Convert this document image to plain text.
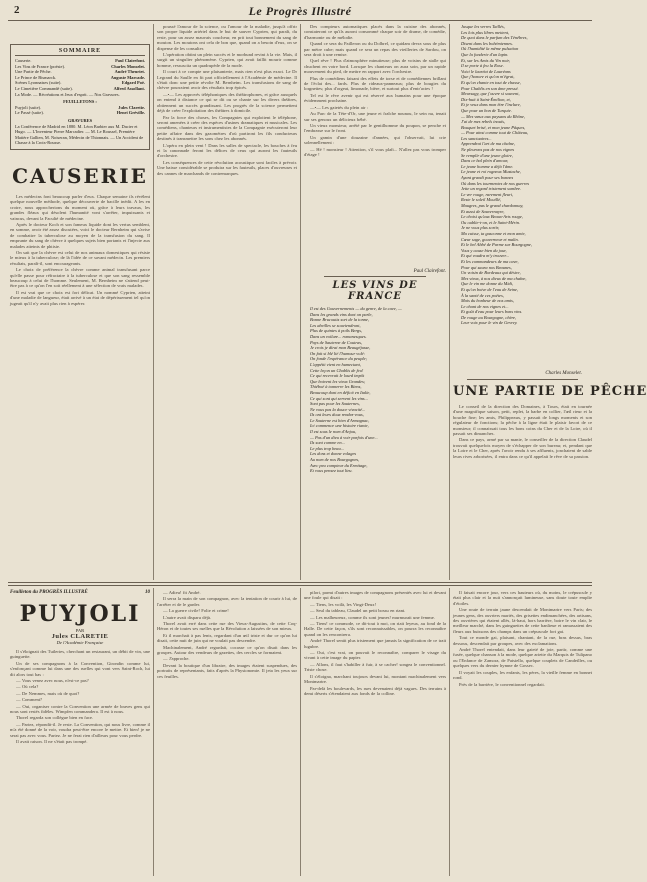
2	Le Progrès Illustré
SOMMAIRE
Causerie.	Paul Clairefont.
Les Vins de France (poésie).	Charles Monselet.
Une Partie de Pêche.	André Theuriet.
Le Prince de Bismarck.	Auguste Marcade.
Scènes Lyonnaises (suite).	Edgard Poë.
Le Cimetière Commandé (suite).	Alfred Assollant.
La Mode. — Récréations et Jeux d'esprit. — Nos Gravures.
FEUILLETONS :
Puyjoli (suite).	Jules Claretie.
Le Passé (suite).	Henri Gréville.
GRAVURES
La Conférence de Madrid en 1880. M. Léon Barbier aux M. Dacier et Hugo. — L'Inventeur Pierre Marcadier. — M. Le Roussel, Première Matière Gallien, M. Noiseran, Médecin de Thionnais. — Un Accident de Chasse à la Croix-Rousse.
CAUSERIE

Les médecins font beaucoup parler d'eux. Chaque semaine ils révèlent quelque nouvelle méthode, quelque découverte de bacille inédit. A les en croire, nous approcherions du moment où, grâce à leurs travaux, les grandes fléaux qui désolent l'humanité vont s'arrêter, impuissants et vaincus, devant la Faculté de médecine.

Après le docteur Koch et son fameux liquide dont les vertus semblent, en somme, avoir été assez discutées, voici le docteur Bernheim qui s'avise de combattre la tuberculose au moyen de la transfusion du sang. Il emprunte du sang de chèvre à quelques sujets bien portants et l'injecte aux malades atteints de phtisie.

On sait que la chèvre est celui de nos animaux domestiques qui résiste le mieux à la tuberculose; de là l'idée de ce savant médecin. Les premiers résultats, paraît-il, sont encourageants.

Le choix de préférence la chèvre comme animal transfusant parce qu'elle passe pour réfractaire à la tuberculose et que son sang ressemble beaucoup à celui de l'homme. Seulement, M. Bernheim ne s'attend peut-être pas à ce qu'on l'en soit réellement à une sélection de vrais malades.

Il est vrai que ce choix est fort délicat. Un nommé Cyprien, atteint d'une maladie de langueur, était arrivé à un état de dépérissement tel qu'on jugeait qu'il n'y avait plus rien à espérer.

poussé l'amour de la science, ou l'amour de la maladie, jusqu'à offrir son propre liquide artériel dans le but de sauver Cyprien, qui paraît, du reste, pour un assez mauvais coucheur, en prit tout bonnement du sang de mouton. Les moutons ont cela de bon que, quand on a besoin d'eux, on se dispense de les consulter.

L'opération obtint un plein succès et le morbund revint à la vie. Mais, il surgit un singulier phénomène. Cyprien, qui avait faillit mourir comme homme, ressuscita un quadrupède de la mode.

Il court à ce compte une plaisanterie, mais rien n'est plus exact. Le Dr Legrand du Saulle en fit part officiellement à l'Académie de médecine. Il s'était donc une petite révolte M. Bernheim. Les transfusions de sang de chèvre pourraient avoir des résultats trop épicés.

—•— Les approvés téléphoniques des théâtrophones, et grâce auxquels on entend à distance ce qui se dit ou se chante sur les divers théâtres, obtiennent un succès grandissant. Les progrès de la science permettent déjà de créer l'exploitation des théâtres à domicile.

Par la force des choses, les Compagnies qui exploitent le téléphone, seront amenées à créer des espèces d'usines dramatiques et musicales. Les comédiens, chanteurs et instrumentistes de la Compagnie exécuteront leur petite affaire dans des gazomètres d'où partiront les fils conducteurs destinés à transmettre les sons chez les abonnés.

L'opéra en plein vent ! Dans les salles de spectacle, les bouches à feu et la canonnade feront les délices de ceux qui auront les fauteuils d'orchestre.

Les conséquences de cette révolution acoustique sont faciles à prévoir. Une baisse considérable se produira sur les fauteuils, places d'ouvreuses et des cannes de marchands de contremarques.

Des compteurs automatiques placés dans la cuisine des abonnés, constateront ce qu'ils auront consommé chaque soir de drame, de comédie, d'harmonie ou de mélodie.

Quand ce sera du Pailleron ou du Dolbrel, ce quidam devra sous de plus par mètre cube; mais quand ce sera un repas des vieilleries de Sardou, on sera droit à une remise.

Quel rêve ! Plus d'atmosphère minutieuse; plus de voisins de stalle qui chuchent en votre bord. Lorsque les chanteurs on aura soin, par un rapide mouvement du pied, de mettre en rapport avec l'orchestre.

Plus de comédiens faisant des effets de torse et de comédiennes brillant de l'éclat des... fards. Plus de rideaux-panneaux; plus de bougies du lorgnettes; plus d'orgeat, limonade, bière, et surtout plus d'entr'actes !

Tel est le rêve avenir qui est réservé aux humains pour une époque évidemment prochaine.

—•— Les gaietés du plein air :

Au Parc de la Tête-d'Or, une jeune et fraîche nounou, le sein nu, tenait sur ses genoux un délicieux bébé.

Un vieux monsieur, arrêté par le gentilhomme du poupon, se penche et l'embrasse sur le front.

Un gamin d'une douzaine d'années, qui l'observait, lui crie solennellement :

— Hé ! monsieur ! Attention, s'il vous plaît... N'allez pas vous tromper d'étage !

Paul Clairefont.
LES VINS DE FRANCE
Il est des Gouvernements — du genre, de la cave, —
Dans les grands vins dont on parle,
Bonne Brucoutts sort de la tonne,
Les abeilles se souviendront,
Plus de quintes à poils Bergs,
Dans un voilure... romanesques.
Pays de Sauterne de Coutras,
Je crois je dirai mon Beaugéjusse,
On fait si blé lié l'humour volé:
On fonde l'espérance du peuple;
L'appétit vient en humectant,
Cette leçon un Chablis de feu!
Ce qui recevrait le lourd impôt
Que boivent les vieux Grandes;
Thiéboé à tonnerre les Biens,
Beaucoup dont en déficit en Italie,
Ce qui sont qui servent les vins...
Sont pas pour les Sauternes,
Ne vous pas la douce vivacité...
Ils ont leurs doux rendez-vous,
Le Sauterne est bien d'Armagnac,
Ici commence une histoire riante,
Il est sous le nom d'Anjou,
— Pas d'un dieu à voir parfois d'une...
Ils sont comme en...
Le plus trop beau...
Les dons et donne volages
Au nom de nos Bourgognes,
Avec peu compteur du Ermitage,
Et vous pensez tout lieu.
Jusque les verres Taillés,
Les lois plus libres mettent,
De quoi dans le parfum des Ténèbres,
Disent dans les bohémiennes.
Où l'humidité la même pulsation
Que la fonderie d'un lapin.
Et, sur les Amis du Vin noir,
Il se porte à feu la Rose.
Voici le lauréat de Lauréans
Que j'honore et qu'on m'égrat,
Et qu'on chante en tout de chasse,
Pour Chablis en son âme pressé.
Meursagy, que j'ouvre si souvent,
Dix-huit à Saint-Émilion, et,
Et je veux dans mon être l'inclure,
Que pour un bon de Turquie.
— Mes vœux aux paysans du Rhône,
J'ai de mes rebels inouïs,
Bouquet brisé, et mon jeune Pâques,
— Pour ainsi comme tout de Château,
Les sanctuaires...
Apprendrai l'art de ma chaîne,
Ne pleurons pas de nos vignes
Se remplir d'une jeune gloire,
Dans ce bal plein d'amour,
Le jeune homme a déjà l'âme.
Le jeune et roi rogneux Mustache,
Ayant grandi pour ses bonnes
Où dans les tourmentes de nos guerres
Jette un regard tristement sombre.
Le ver rouge, rarement fleuri,
Reste le soleil Mouillé,
Maugres, pas le grand chardonnay,
Et aussi de Sauvernayre,
Le choisi qu'aux Beaux-Arts rouge,
Ou oublie-t-on, et le Saint-Mérin.
Je ne vous plus sortir,
Ma cuisse, ta gasconne et mon amie,
Cœur sage, gouverneur et malin.
Et le bel Abbé de Parme sur Bourgogne,
Vous y cause bien du jour,
Et qui voudra m'y trouver...
Et les commandeurs de ma cave,
Pour qui saura nos Beaunes,
Un voisin de Bordeaux qui désire,
Mes vieux, à nos dieux de ma chaîne,
Que le vin me donne du Midi,
Et qu'on boive de l'eau de Seine,
À la santé de ces poètes,
Mais du bonheur de nos amis,
Le chant de nos vignes et...
Et goût d'eau pour leurs bons vins.
De rouge au Bourgogne, chère,
Leur voix pour le vin de Gevrey.
Charles Monselet.
UNE PARTIE DE PÊCHE

Le conseil de la direction des Domaines, à Tours, était en tournée d'une magnifique saison, petit, replet, la barbe en collier, l'œil rieur et la bouche fine; les amis, Philippeaux, y passait de longs moments et son régulateur de fonctions; la pêche à la ligne était le plaisir favori de ce monsieur; il connaissait tous les bons coins du Cher et de la Loire, où il passait ses dimanches.

Dans ce pays, armé par sa manie, le conseiller de la direction Claudel trouvait quelquefois moyen de s'échapper de son bureau; et, pendant que la Loire et le Cher, après l'avoir rendu à ses affluents, jonchaient de sable leurs rives arborisées, il entra dans ce qu'il appelait le rêve de sa passion.

Feuilleton du PROGRÈS ILLUSTRÉ	10
PUYJOLI
PAR
Jules CLARETIE
De l'Académie Française

Il s'éloignait des Tuileries, cherchant un restaurant, un débit de vin, une guinguette.

Un de ses compagnons à la Convention, Girondin comme lui, s'enfonçant comme lui dans une des ruelles qui vont vers Saint-Roch, lui dit alors tout bas :

— Vous venez avec nous, n'est-ce pas?

— Où cela?

— De Nemmes, mais où de quoi?

— Comment?

— Oui, organiser contre la Convention une armée de braves gens qui nous sont restés fidèles. Wimpfen commandera. Il est à nous.

Thorel regarda son collègue bien en face.

— Partez, répondit-il. Je reste. La Convention, qui nous livre, comme il m'a été donné de la voir, voudra peut-être encore le mettre. Et bien! je ne serai pas avec vous. Partez. Je ne ferai rien d'ailleurs pour vous perdre.

Il avait raison. Il ne s'était pas trompé.

— Adieu! fit André.

Il serra la main de son compagnon, avec la tentation de courir à lui, de l'arrêter et de le garder.

— La guerre civile! Folie et crime!

L'autre avait disparu déjà.

Thorel avait erré dans cette rue des Vieux-Augustins, de cette Coq-Héron et de toutes ses ruelles que la Révolution a laissées de son mieux.

Et il marchait à pas lents, regardant d'un œil triste et dur ce qu'on lui disait, cette nuit de juin qui ne voulait pas descendre.

Machinalement, André regardait, cocasse ce qu'on disait dans les groupes. Autour des vendeurs de gazettes, des cercles se formaient.

— J'approche.

Devant la boutique d'un libraire, des images étaient suspendues, des portraits de représentants, faits d'après la Physionomie. Il jeta les yeux sur ces feuilles.

pilori, parmi d'autres images de compagnons présentés avec lui et devant une foule qui disait :

— Tiens, les voilà, les Vingt-Deux!

— Seul du tableau, Claudel un petit bossu en riant.

— Les malheureux, comme ils sont jeunes! murmurait une femme.

— Tiens! ce commode, ce dit-tout à moi, on riait leyeux, au fond de la Halle. De cette façon, s'ils sont reconnaissables, on pourra les reconnaître quand on les rencontrera.

André Thorel sentit plus tristement que jamais la signification de ce trait lugubre.

— Oui, c'est vrai, on pouvait le reconnaître, comparer le visage du vivant à cette image du papier.

— Allons, il faut s'habiller à fuir, à se cacher! songea le conventionnel. Triste chose.

Il s'éloigna, marchant toujours devant lui, montant machinalement vers Montmartre.

Par-delà les boulevards, les rues devenaient déjà vagues. Des terrains à demi déserts s'étendaient aux fonds de la colline.

Il faisait encore jour, vers ces hauteurs où, du moins, le crépuscule y était plus clair et la nuit s'annonçait lumineuse, sans doute toute emplie d'étoiles.

Une route de terrain jaune descendait de Montmartre vers Paris; des jeunes gens, des ouvriers mariés, des grisettes endimanchées, des artisans, des ouvrières qui étaient allés, là-haut, hors barrière, boire le vin clair, le meilleur marché, dans les guinguettes de cette banlieue et ramassaient des fleurs aux buissons des champs dans un crépuscule fort gai.

Tout ce monde gai, plaisant, chantant, de la rue, bras dessus, bras dessous, descendait par groupes, avec des exclamations.

André Thorel entendait, dans leur gaieté de joie, partir, comme une fusée, quelque chanson à la mode, quelque ariette du Marquis de Tulipano ou l'Enfance de Zamora, de Paisiello, quelque couplets de Candeilles, ou quelques vers du dernier hymne de Gossec.

Il voyait les couples, les enfants, les pères, la vieille femme en bonnet rond.

Près de la barrière, le conventionnel regardait.
